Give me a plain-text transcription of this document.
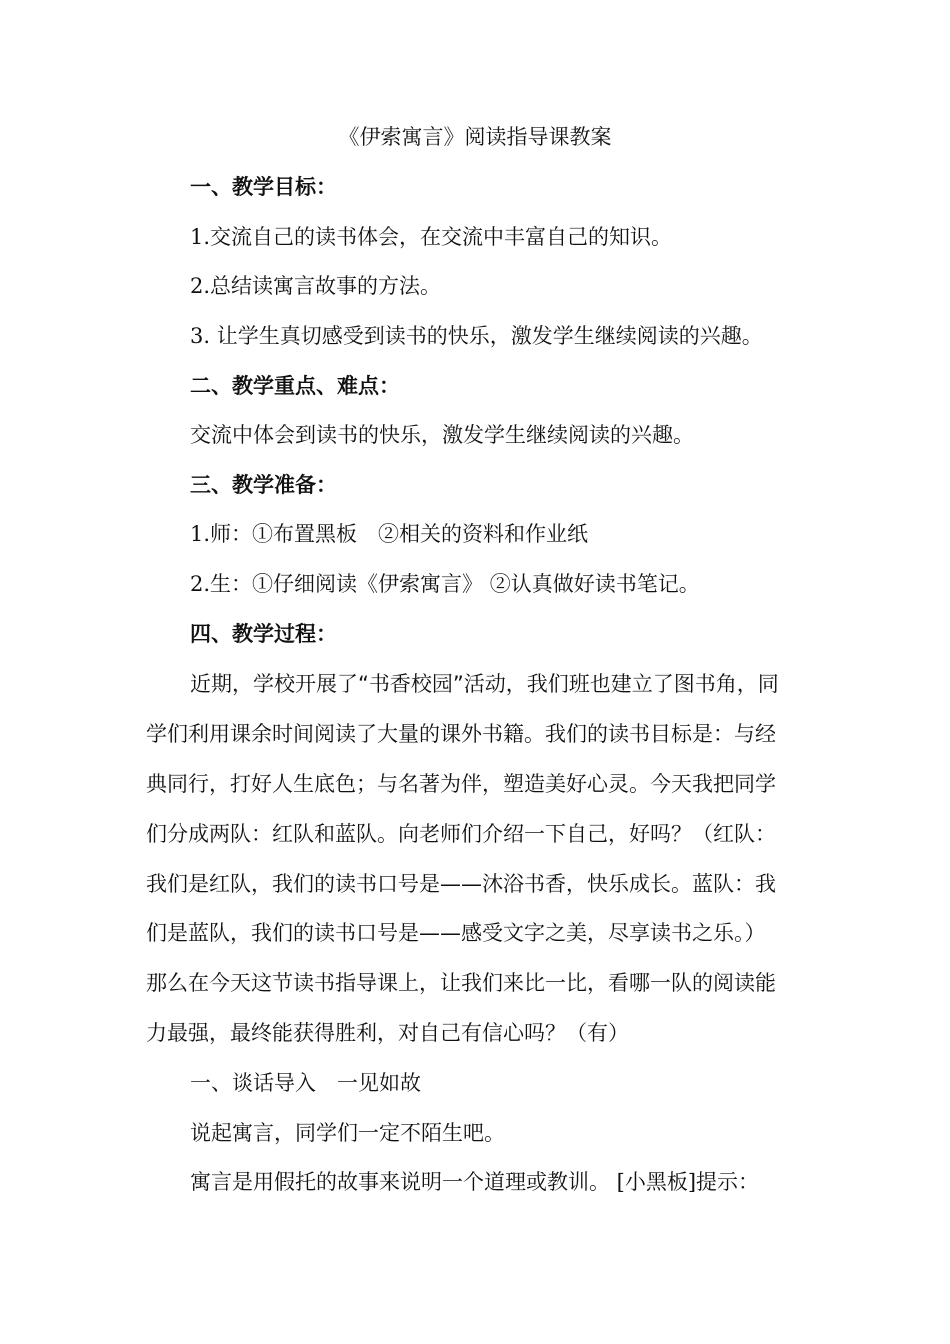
《伊索寓言》阅读指导课教案
一、教学目标：
1.交流自己的读书体会，在交流中丰富自己的知识。
2.总结读寓言故事的方法。
3. 让学生真切感受到读书的快乐，激发学生继续阅读的兴趣。
二、教学重点、难点：
交流中体会到读书的快乐，激发学生继续阅读的兴趣。
三、教学准备：
1.师：①布置黑板　②相关的资料和作业纸
2.生：①仔细阅读《伊索寓言》 ②认真做好读书笔记。
四、教学过程：
近期，学校开展了“书香校园”活动，我们班也建立了图书角，同
学们利用课余时间阅读了大量的课外书籍。我们的读书目标是：与经
典同行，打好人生底色；与名著为伴，塑造美好心灵。今天我把同学
们分成两队：红队和蓝队。向老师们介绍一下自己，好吗？（红队：
我们是红队，我们的读书口号是——沐浴书香，快乐成长。蓝队：我
们是蓝队，我们的读书口号是——感受文字之美，尽享读书之乐。）
那么在今天这节读书指导课上，让我们来比一比，看哪一队的阅读能
力最强，最终能获得胜利，对自己有信心吗？（有）
一、谈话导入　一见如故
说起寓言，同学们一定不陌生吧。
寓言是用假托的故事来说明一个道理或教训。 [小黑板]提示：
